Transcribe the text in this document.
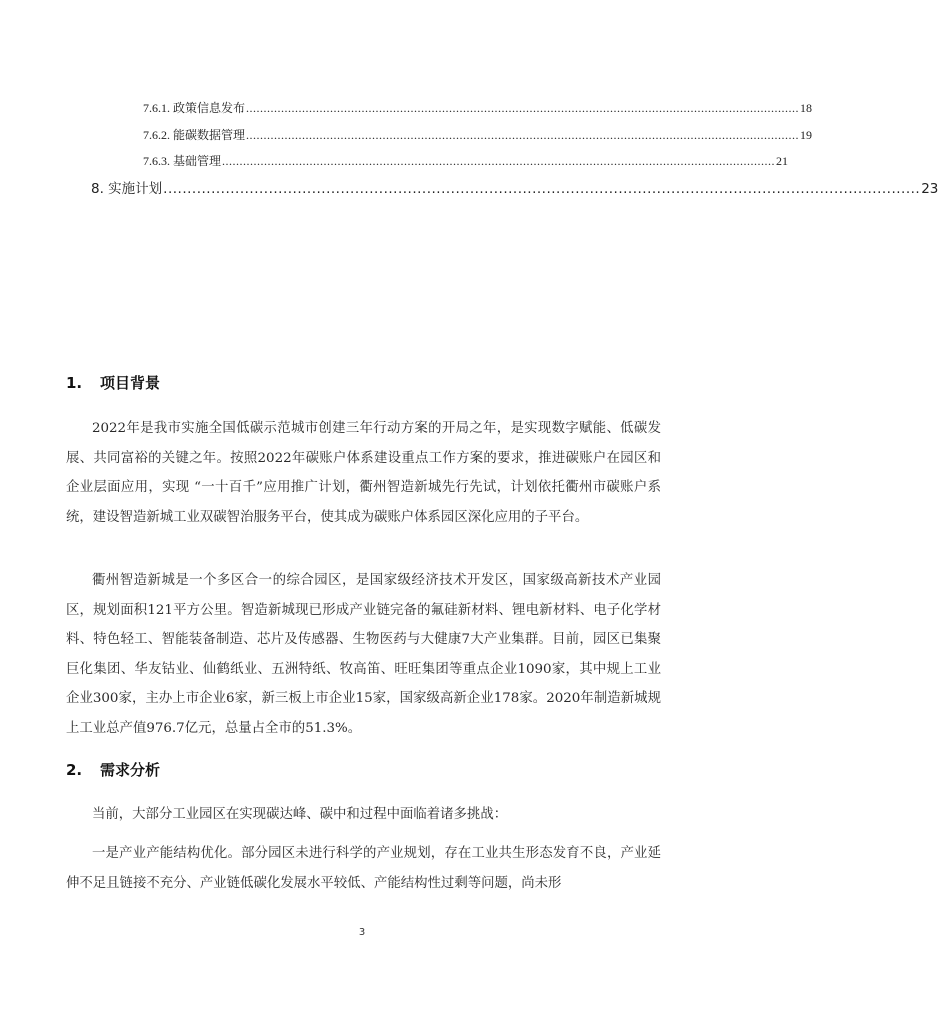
7.6.1. 政策信息发布 .............................................................................................................................................................. 18
7.6.2. 能碳数据管理 .............................................................................................................................................................. 19
7.6.3. 基础管理 .............................................................................................................................................................. 21
8. 实施计划 .............................................................................................................................................................. 23
1. 项目背景

2022年是我市实施全国低碳示范城市创建三年行动方案的开局之年，是实现数字赋能、低碳发展、共同富裕的关键之年。按照2022年碳账户体系建设重点工作方案的要求，推进碳账户在园区和企业层面应用，实现 “一十百千”应用推广计划，衢州智造新城先行先试，计划依托衢州市碳账户系统，建设智造新城工业双碳智治服务平台，使其成为碳账户体系园区深化应用的子平台。

衢州智造新城是一个多区合一的综合园区，是国家级经济技术开发区，国家级高新技术产业园区，规划面积121平方公里。智造新城现已形成产业链完备的氟硅新材料、锂电新材料、电子化学材料、特色轻工、智能装备制造、芯片及传感器、生物医药与大健康7大产业集群。目前，园区已集聚巨化集团、华友钴业、仙鹤纸业、五洲特纸、牧高笛、旺旺集团等重点企业1090家，其中规上工业企业300家，主办上市企业6家，新三板上市企业15家，国家级高新企业178家。2020年制造新城规上工业总产值976.7亿元，总量占全市的51.3%。

2. 需求分析

当前，大部分工业园区在实现碳达峰、碳中和过程中面临着诸多挑战：

一是产业产能结构优化。部分园区未进行科学的产业规划，存在工业共生形态发育不良，产业延伸不足且链接不充分、产业链低碳化发展水平较低、产能结构性过剩等问题，尚未形

3
